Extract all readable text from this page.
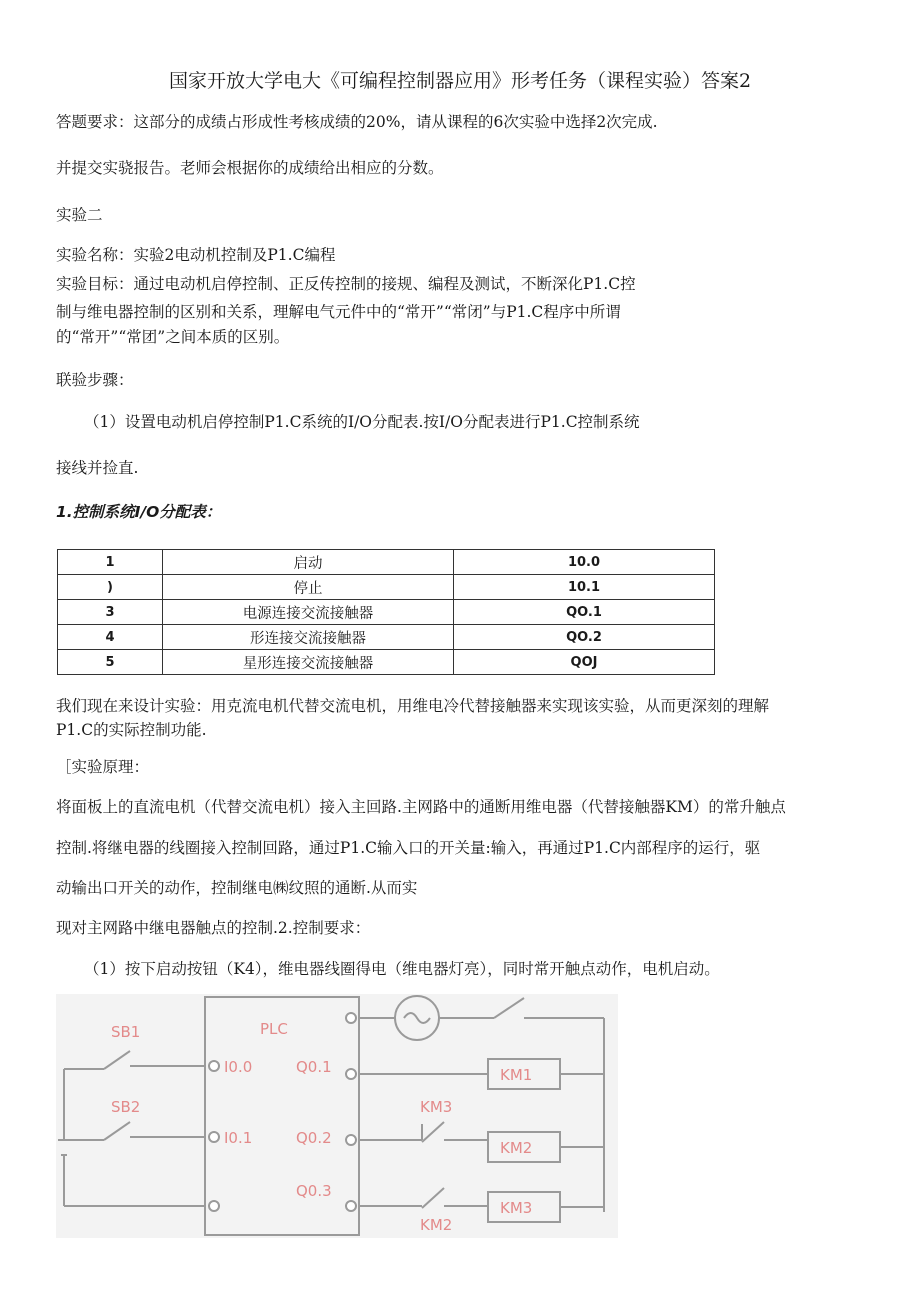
国家开放大学电大《可编程控制器应用》形考任务（课程实验）答案2
答题要求：这部分的成绩占形成性考核成绩的20%，请从课程的6次实验中选择2次完成.
并提交实骁报告。老师会根据你的成绩给出相应的分数。
实验二
实验名称：实验2电动机控制及P1.C编程
实验目标：通过电动机启停控制、正反传控制的接规、编程及测试，不断深化P1.C控
制与维电器控制的区别和关系，理解电气元件中的“常开”“常闭”与P1.C程序中所谓
的“常开”“常团”之间本质的区别。
联验步骤：
（1）设置电动机启停控制P1.C系统的I/O分配表.按I/O分配表进行P1.C控制系统
接线并捡直.
1.控制系统I/O分配表：
1	启动	10.0
)	停止	10.1
3	电源连接交流接触器	QO.1
4	形连接交流接触器	QO.2
5	星形连接交流接触器	QOJ
我们现在来设计实验：用克流电机代替交流电机，用维电冷代替接触器来实现该实验，从而更深刻的理解
P1.C的实际控制功能.
［实验原理：
将面板上的直流电机（代替交流电机）接入主回路.主网路中的通断用维电器（代替接触器KM）的常升触点
控制.将继电器的线圈接入控制回路，通过P1.C输入口的开关量:输入，再通过P1.C内部程序的运行，驱
动输出口开关的动作，控制继电㈱纹照的通断.从而实
现对主网路中继电器触点的控制.2.控制要求：
（1）按下启动按钮（K4），维电器线圈得电（维电器灯亮），同时常开触点动作，电机启动。
SB1
SB2
PLC
I0.0
I0.1
Q0.1
Q0.2
Q0.3
KM1
KM2
KM3
KM3
KM2
